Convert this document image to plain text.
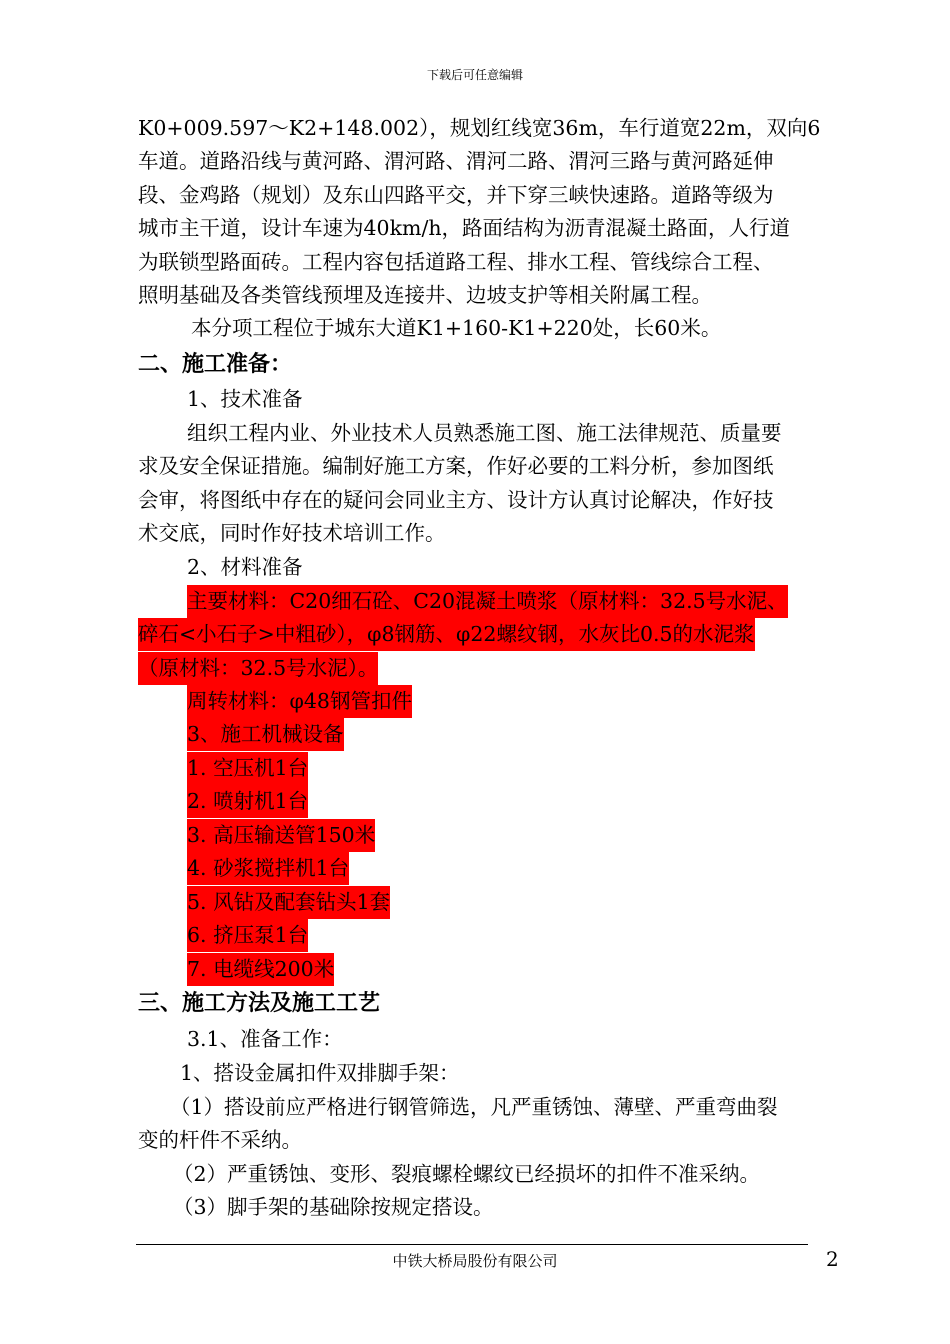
下载后可任意编辑
K0+009.597～K2+148.002），规划红线宽36m，车行道宽22m，双向6
车道。道路沿线与黄河路、渭河路、渭河二路、渭河三路与黄河路延伸
段、金鸡路（规划）及东山四路平交，并下穿三峡快速路。道路等级为
城市主干道，设计车速为40km/h，路面结构为沥青混凝土路面，人行道
为联锁型路面砖。工程内容包括道路工程、排水工程、管线综合工程、
照明基础及各类管线预埋及连接井、边坡支护等相关附属工程。
本分项工程位于城东大道K1+160-K1+220处，长60米。
二、施工准备：
1、技术准备
组织工程内业、外业技术人员熟悉施工图、施工法律规范、质量要
求及安全保证措施。编制好施工方案，作好必要的工料分析，参加图纸
会审，将图纸中存在的疑问会同业主方、设计方认真讨论解决，作好技
术交底，同时作好技术培训工作。
2、材料准备
主要材料：C20细石砼、C20混凝土喷浆（原材料：32.5号水泥、
碎石<小石子>中粗砂），φ8钢筋、φ22螺纹钢，水灰比0.5的水泥浆
（原材料：32.5号水泥）。
周转材料：φ48钢管扣件
3、施工机械设备
1. 空压机1台
2. 喷射机1台
3. 高压输送管150米
4. 砂浆搅拌机1台
5. 风钻及配套钻头1套
6. 挤压泵1台
7. 电缆线200米
三、施工方法及施工工艺
3.1、准备工作：
1、搭设金属扣件双排脚手架：
（1）搭设前应严格进行钢管筛选，凡严重锈蚀、薄壁、严重弯曲裂
变的杆件不采纳。
（2）严重锈蚀、变形、裂痕螺栓螺纹已经损坏的扣件不准采纳。
（3）脚手架的基础除按规定搭设。
中铁大桥局股份有限公司	2
